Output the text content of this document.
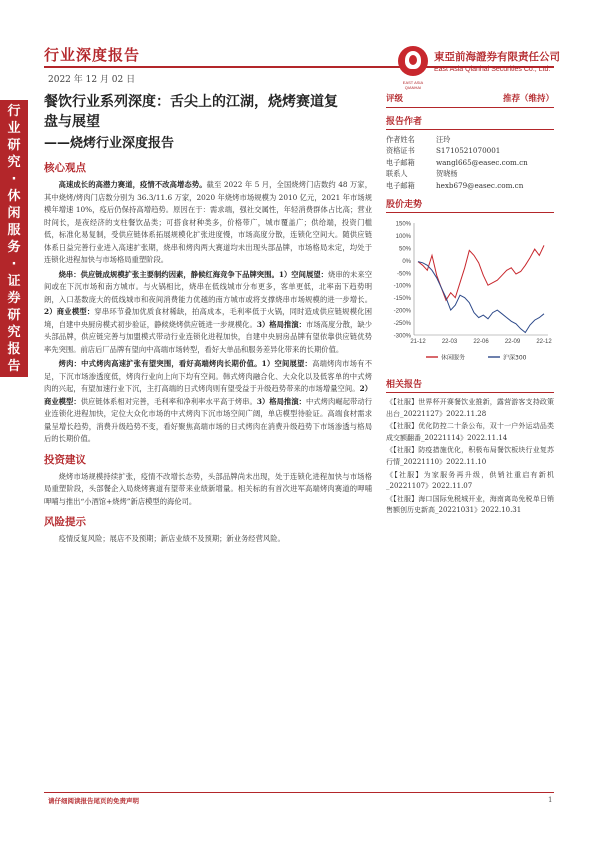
行业深度报告
2022 年 12 月 02 日	EAST ASIA QIANHAI
東亞前海證券有限责任公司
East Asia Qianhai Securities Co., Ltd.
行
业
研
究
·
休
闲
服
务
·
证
券
研
究
报
告
餐饮行业系列深度：舌尖上的江湖，烧烤赛道复
盘与展望
——烧烤行业深度报告
核心观点

高速成长的高潜力赛道，疫情不改高增态势。截至 2022 年 5 月，全国烧烤门店数约 48 万家，其中烧烤/烤肉门店数分别为 36.3/11.6 万家，2020 年烧烤市场规模为 2010 亿元，2021 年市场规模年增速 10%，疫后仍保持高增趋势。原因在于：需求端，强社交属性，年轻消费群体占比高；营业时间长，是夜经济的支柱餐饮品类；可搭食材种类多，价格带广，城市覆盖广；供给端，投资门槛低，标准化易复制，受供应链体系拓展规模化扩张进度慢，市场高度分散，连锁化空间大。随供应链体系日益完善行业进入高速扩张期，烧串和烤肉两大赛道均未出现头部品牌，市场格局未定，均处于连锁化进程加快与市场格局重塑阶段。

烧串：供应链成规模扩张主要制约因素，静候红海竞争下品牌突围。1）空间展望：烧串的未来空间或在下沉市场和南方城市。与火锅相比，烧串在低线城市分布更多，客单更低，北率南下趋势明朗，入口基数庞大的低线城市和夜间消费能力优越的南方城市或将支撑烧串市场规模的进一步增长。2）商业模型：穿串环节叠加优质食材稀缺，拍高成本，毛利率低于火锅，同时造成供应链规模化困境，自建中央厨房模式初步验证，静候烧烤供应链进一步规模化。3）格局推演：市场高度分散，缺少头部品牌，供应链完善与加盟模式带动行业连锁化进程加快，自建中央厨房品牌有望依靠供应链优势率先突围。前店后厂品牌有望向中高端市场转型，看好大单品和服务差异化带来的长期价值。

烤肉：中式烤肉高速扩张有望突围，看好高端烤肉长期价值。1）空间展望：高端烤肉市场有不足，下沉市场渗透度低，烤肉行业向上向下均有空间。韩式烤肉融合化、大众化以及低客单的中式烤肉的兴起，有望加速行业下沉，主打高端的日式烤肉则有望受益于升级趋势带来的市场增量空间。2）商业模型：供应链体系相对完善，毛利率和净利率水平高于烤串。3）格局推演：中式烤肉崛起带动行业连锁化进程加快，定位大众化市场的中式烤肉下沉市场空间广阔，单店模型待验证。高端食材需求量呈增长趋势，消费升级趋势不变，看好聚焦高端市场的日式烤肉在消费升级趋势下市场渗透与格局后的长期价值。

投资建议

烧烤市场规模持续扩张，疫情不改增长态势，头部品牌尚未出现，处于连锁化进程加快与市场格局重塑阶段，头部餐企入局烧烤赛道有望带来业绩新增量。相关标的有首次进军高端烤肉赛道的呷哺呷哺与推出“小酒馆+烧烤”新店模型的海伦司。

风险提示

疫情反复风险；展店不及预期；新店业绩不及预期；新业务经营风险。

评级	推荐（维持）
报告作者
作者姓名	汪玲
资格证书	S1710521070001
电子邮箱	wangl665@easec.com.cn
联系人	贺晓杨
电子邮箱	hexb679@easec.com.cn
股价走势
150%
100%
50%
0%
-50%
-100%
-150%
-200%
-250%
-300%
21-12	22-03	22-06	22-09	22-12
休闲服务	沪深300
相关报告
《【社服】世界杯开赛餐饮业推新，露营游客支持政策出台_20221127》2022.11.28
《【社服】优化防控二十条公布，双十一户外运动品类成交额翻番_20221114》2022.11.14
《【社服】防疫措施优化，积极布局餐饮板块行业复苏行情_20221110》2022.11.10
《【社服】为家服务再升级，供销社重启有新机_20221107》2022.11.07
《【社服】海口国际免税城开业，海南离岛免税单日销售额创历史新高_20221031》2022.10.31
请仔细阅读报告尾页的免责声明	1
